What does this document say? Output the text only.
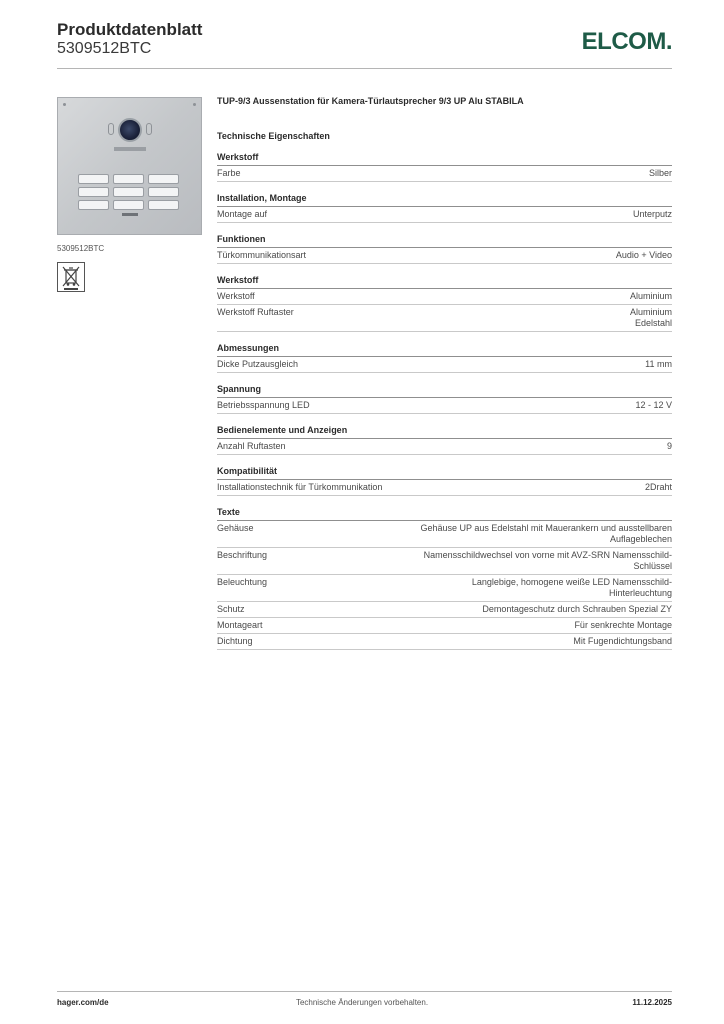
Produktdatenblatt
5309512BTC	ELCOM.
5309512BTC
TUP-9/3 Aussenstation für Kamera-Türlautsprecher 9/3 UP Alu STABILA
Technische Eigenschaften
Werkstoff
Farbe	Silber
Installation, Montage
Montage auf	Unterputz
Funktionen
Türkommunikationsart	Audio + Video
Werkstoff
Werkstoff	Aluminium
Werkstoff Ruftaster	Aluminium
Edelstahl
Abmessungen
Dicke Putzausgleich	11 mm
Spannung
Betriebsspannung LED	12 - 12 V
Bedienelemente und Anzeigen
Anzahl Ruftasten	9
Kompatibilität
Installationstechnik für Türkommunikation	2Draht
Texte
Gehäuse	Gehäuse UP aus Edelstahl mit Mauerankern und ausstellbaren
Auflageblechen
Beschriftung	Namensschildwechsel von vorne mit AVZ-SRN Namensschild-
Schlüssel
Beleuchtung	Langlebige, homogene weiße LED Namensschild-
Hinterleuchtung
Schutz	Demontageschutz durch Schrauben Spezial ZY
Montageart	Für senkrechte Montage
Dichtung	Mit Fugendichtungsband
hager.com/de	Technische Änderungen vorbehalten.	11.12.2025
